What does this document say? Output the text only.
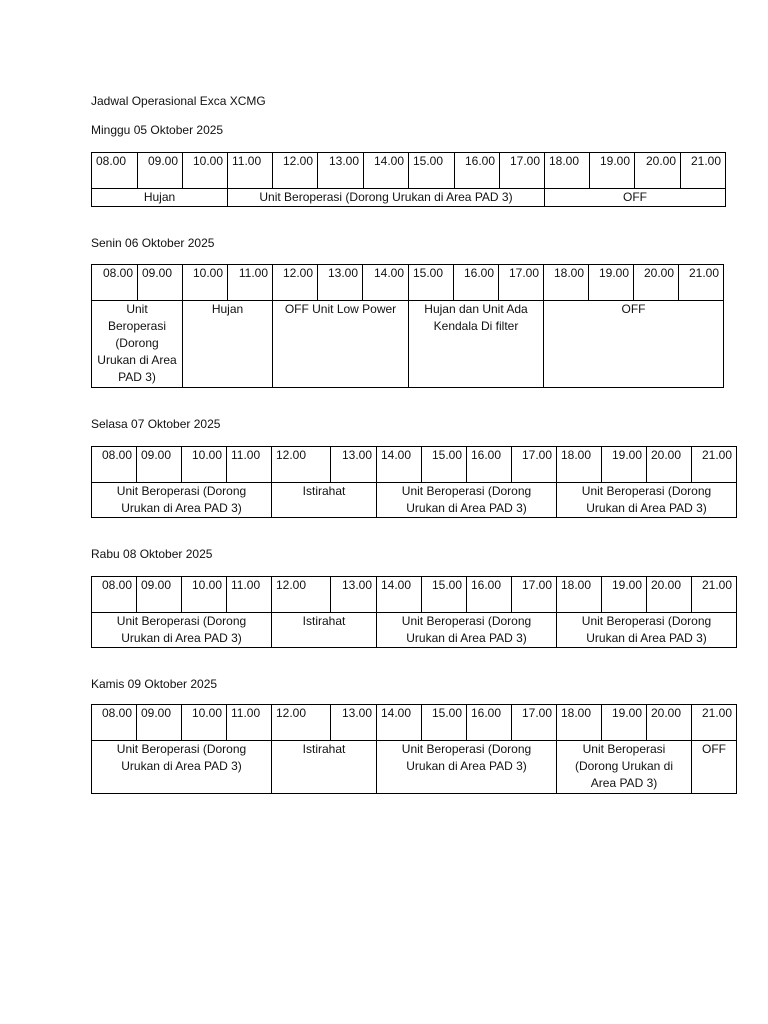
Jadwal Operasional Exca XCMG
Minggu 05 Oktober 2025
08.00	09.00	10.00	11.00	12.00	13.00	14.00	15.00	16.00	17.00	18.00	19.00	20.00	21.00
Hujan			Unit Beroperasi (Dorong Urukan di Area PAD 3)							OFF			
Senin 06 Oktober 2025
08.00	09.00	10.00	11.00	12.00	13.00	14.00	15.00	16.00	17.00	18.00	19.00	20.00	21.00
Unit Beroperasi (Dorong Urukan di Area PAD 3)		Hujan		OFF Unit Low Power			Hujan dan Unit Ada Kendala Di filter			OFF			
Selasa 07 Oktober 2025
08.00	09.00	10.00	11.00	12.00	13.00	14.00	15.00	16.00	17.00	18.00	19.00	20.00	21.00
Unit Beroperasi (Dorong Urukan di Area PAD 3)				Istirahat		Unit Beroperasi (Dorong Urukan di Area PAD 3)				Unit Beroperasi (Dorong Urukan di Area PAD 3)			
Rabu 08 Oktober 2025
08.00	09.00	10.00	11.00	12.00	13.00	14.00	15.00	16.00	17.00	18.00	19.00	20.00	21.00
Unit Beroperasi (Dorong Urukan di Area PAD 3)				Istirahat		Unit Beroperasi (Dorong Urukan di Area PAD 3)				Unit Beroperasi (Dorong Urukan di Area PAD 3)			
Kamis 09 Oktober 2025
08.00	09.00	10.00	11.00	12.00	13.00	14.00	15.00	16.00	17.00	18.00	19.00	20.00	21.00
Unit Beroperasi (Dorong Urukan di Area PAD 3)				Istirahat		Unit Beroperasi (Dorong Urukan di Area PAD 3)				Unit Beroperasi (Dorong Urukan di Area PAD 3)			OFF
